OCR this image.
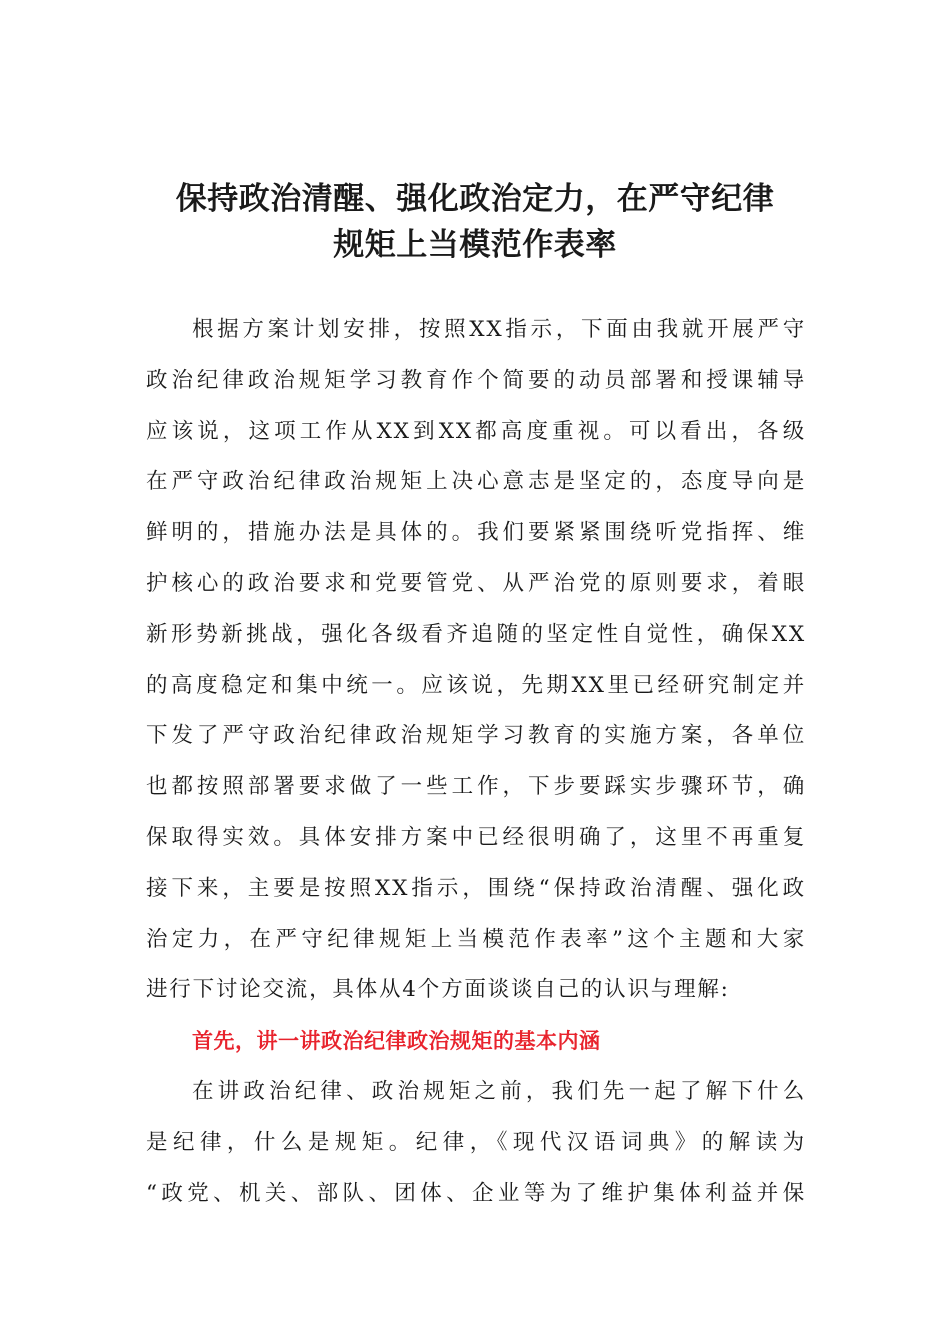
保持政治清醒、强化政治定力，在严守纪律
规矩上当模范作表率
根据方案计划安排，按照XX指示，下面由我就开展严守
政治纪律政治规矩学习教育作个简要的动员部署和授课辅导
应该说，这项工作从XX到XX都高度重视。可以看出，各级
在严守政治纪律政治规矩上决心意志是坚定的，态度导向是
鲜明的，措施办法是具体的。我们要紧紧围绕听党指挥、维
护核心的政治要求和党要管党、从严治党的原则要求，着眼
新形势新挑战，强化各级看齐追随的坚定性自觉性，确保XX
的高度稳定和集中统一。应该说，先期XX里已经研究制定并
下发了严守政治纪律政治规矩学习教育的实施方案，各单位
也都按照部署要求做了一些工作，下步要踩实步骤环节，确
保取得实效。具体安排方案中已经很明确了，这里不再重复
接下来，主要是按照XX指示，围绕“保持政治清醒、强化政
治定力，在严守纪律规矩上当模范作表率”这个主题和大家
进行下讨论交流，具体从4个方面谈谈自己的认识与理解:
首先，讲一讲政治纪律政治规矩的基本内涵
在讲政治纪律、政治规矩之前，我们先一起了解下什么
是纪律，什么是规矩。纪律，《现代汉语词典》的解读为
“政党、机关、部队、团体、企业等为了维护集体利益并保
